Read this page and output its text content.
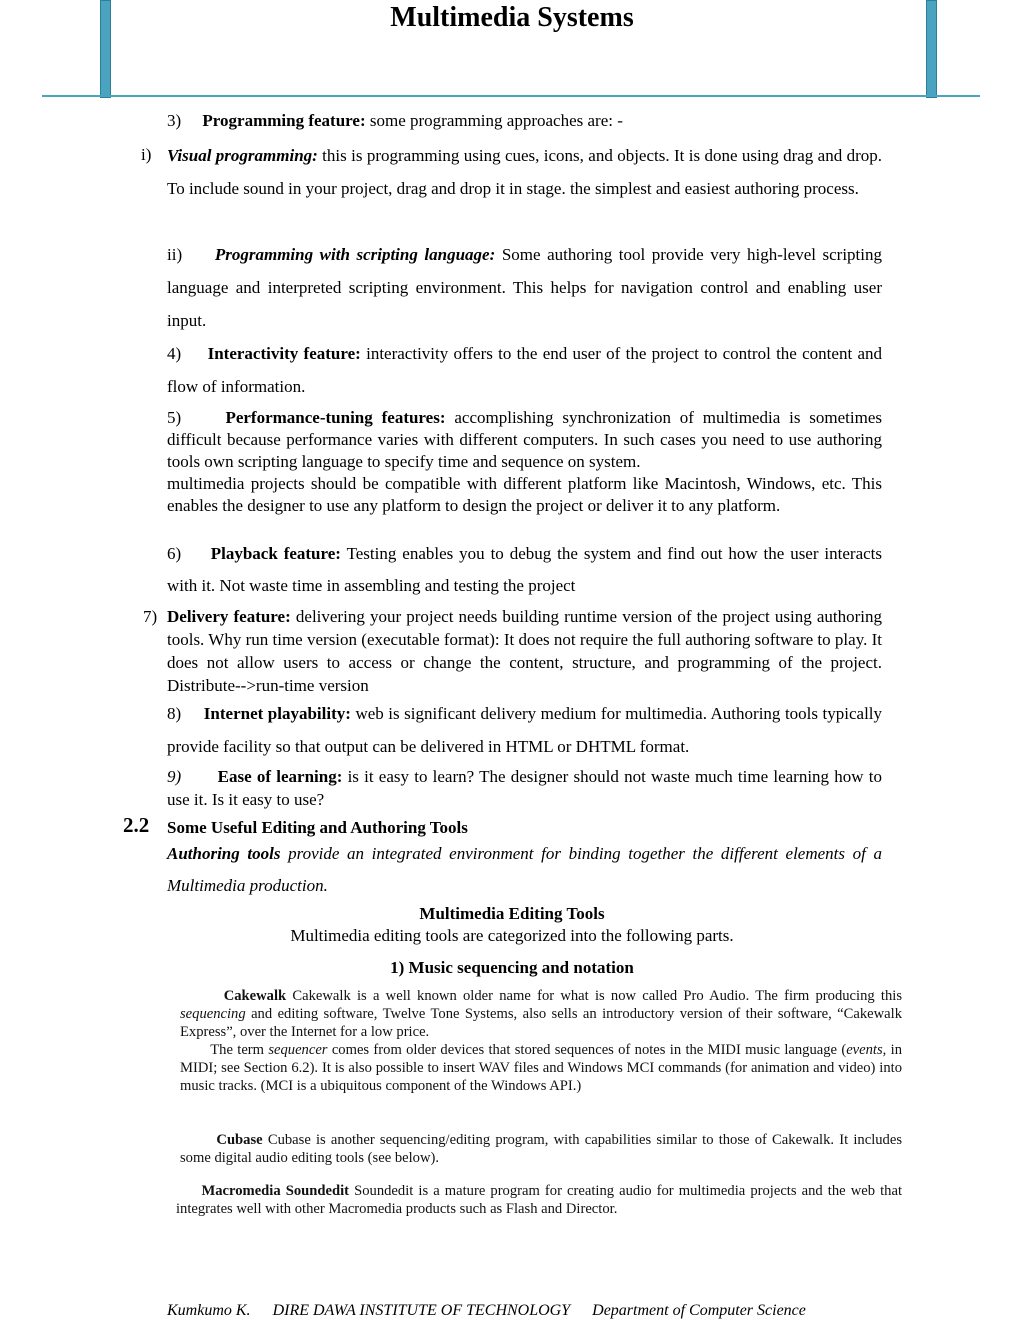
Multimedia Systems
3) Programming feature: some programming approaches are: -
i) Visual programming: this is programming using cues, icons, and objects. It is done using drag and drop. To include sound in your project, drag and drop it in stage. the simplest and easiest authoring process.
ii) Programming with scripting language: Some authoring tool provide very high-level scripting language and interpreted scripting environment. This helps for navigation control and enabling user input.
4) Interactivity feature: interactivity offers to the end user of the project to control the content and flow of information.
5)	Performance-tuning features: accomplishing synchronization of multimedia is sometimes difficult because performance varies with different computers. In such cases you need to use authoring tools own scripting language to specify time and sequence on system.
multimedia projects should be compatible with different platform like Macintosh, Windows, etc. This enables the designer to use any platform to design the project or deliver it to any platform.
6) Playback feature: Testing enables you to debug the system and find out how the user interacts with it. Not waste time in assembling and testing the project
7) Delivery feature: delivering your project needs building runtime version of the project using authoring tools. Why run time version (executable format): It does not require the full authoring software to play. It does not allow users to access or change the content, structure, and programming of the project. Distribute-->run-time version
8) Internet playability: web is significant delivery medium for multimedia. Authoring tools typically provide facility so that output can be delivered in HTML or DHTML format.
9) Ease of learning: is it easy to learn? The designer should not waste much time learning how to use it. Is it easy to use?
2.2 Some Useful Editing and Authoring Tools
Authoring tools provide an integrated environment for binding together the different elements of a Multimedia production.
Multimedia Editing Tools
Multimedia editing tools are categorized into the following parts.
1) Music sequencing and notation
Cakewalk Cakewalk is a well known older name for what is now called Pro Audio. The firm producing this sequencing and editing software, Twelve Tone Systems, also sells an introductory version of their software, “Cakewalk Express”, over the Internet for a low price.
The term sequencer comes from older devices that stored sequences of notes in the MIDI music language (events, in MIDI; see Section 6.2). It is also possible to insert WAV files and Windows MCI commands (for animation and video) into music tracks. (MCI is a ubiquitous component of the Windows API.)
Cubase Cubase is another sequencing/editing program, with capabilities similar to those of Cakewalk. It includes some digital audio editing tools (see below).
Macromedia Soundedit Soundedit is a mature program for creating audio for multimedia projects and the web that integrates well with other Macromedia products such as Flash and Director.
Kumkumo K. DIRE DAWA INSTITUTE OF TECHNOLOGY Department of Computer Science
